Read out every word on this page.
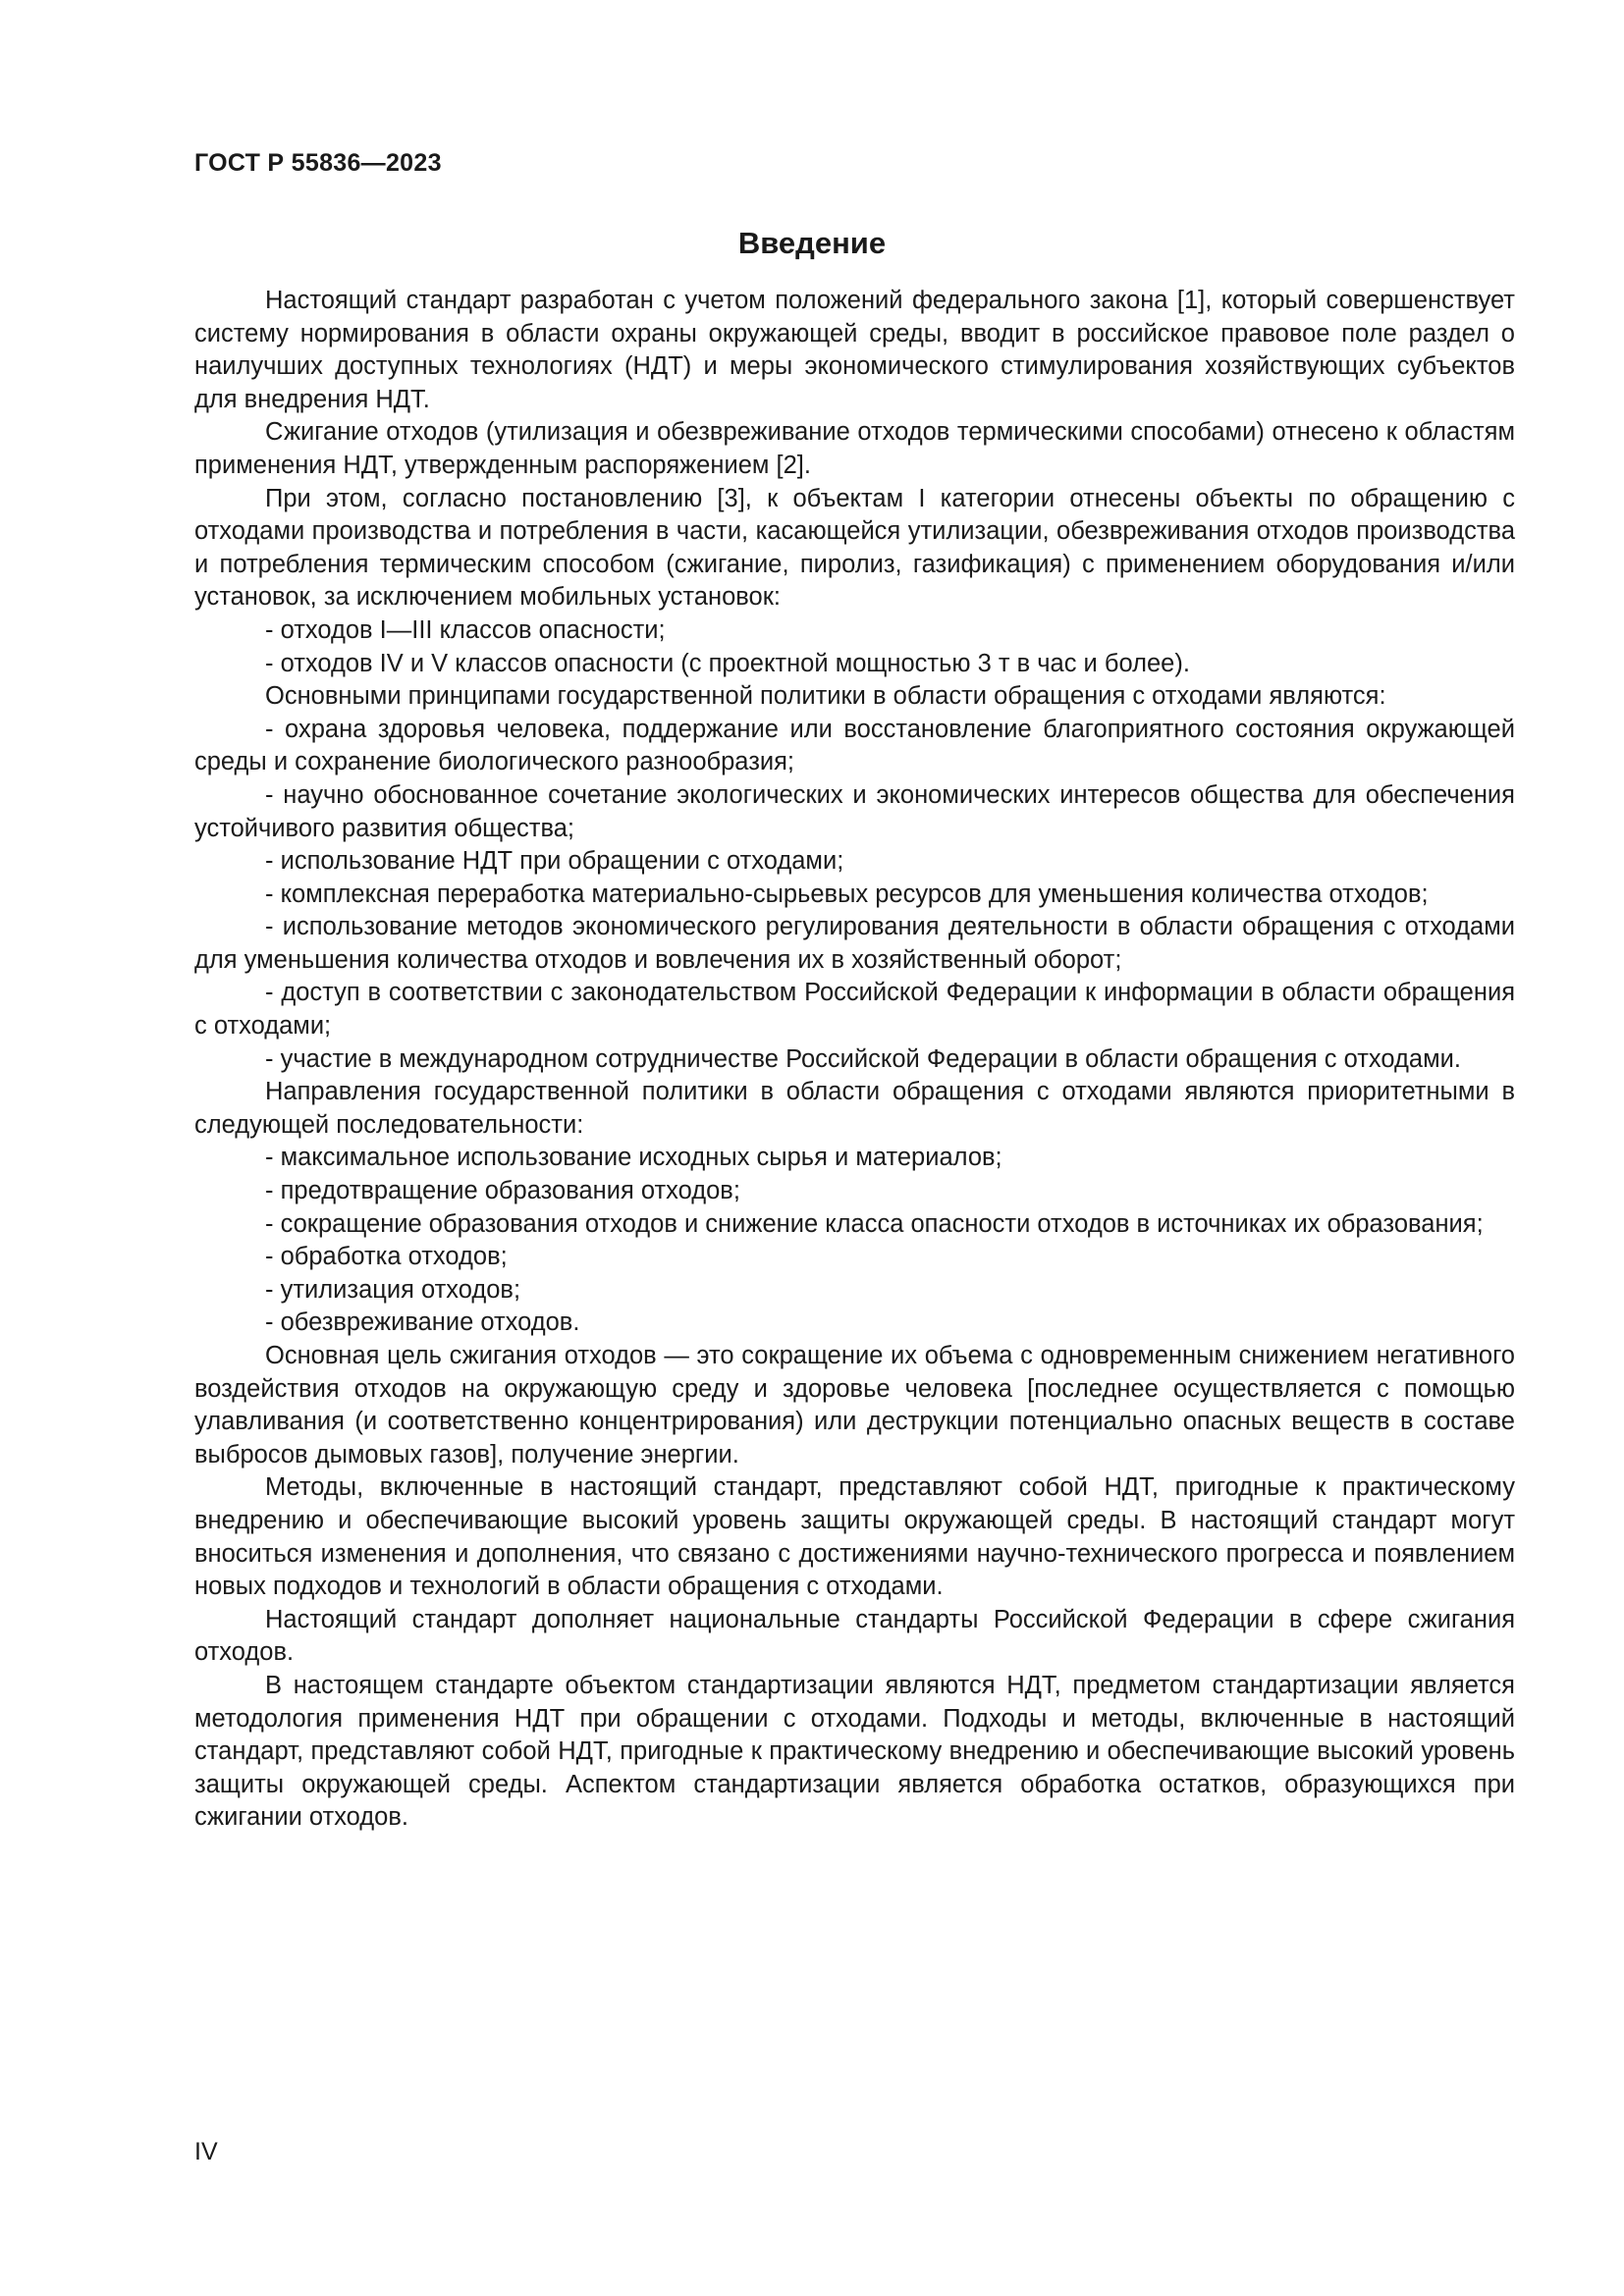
ГОСТ Р 55836—2023
Введение

Настоящий стандарт разработан с учетом положений федерального закона [1], который совершенствует систему нормирования в области охраны окружающей среды, вводит в российское правовое поле раздел о наилучших доступных технологиях (НДТ) и меры экономического стимулирования хозяйствующих субъектов для внедрения НДТ.

Сжигание отходов (утилизация и обезвреживание отходов термическими способами) отнесено к областям применения НДТ, утвержденным распоряжением [2].

При этом, согласно постановлению [3], к объектам I категории отнесены объекты по обращению с отходами производства и потребления в части, касающейся утилизации, обезвреживания отходов производства и потребления термическим способом (сжигание, пиролиз, газификация) с применением оборудования и/или установок, за исключением мобильных установок:

- отходов I—III классов опасности;

- отходов IV и V классов опасности (с проектной мощностью 3 т в час и более).

Основными принципами государственной политики в области обращения с отходами являются:

- охрана здоровья человека, поддержание или восстановление благоприятного состояния окружающей среды и сохранение биологического разнообразия;

- научно обоснованное сочетание экологических и экономических интересов общества для обеспечения устойчивого развития общества;

- использование НДТ при обращении с отходами;

- комплексная переработка материально-сырьевых ресурсов для уменьшения количества отходов;

- использование методов экономического регулирования деятельности в области обращения с отходами для уменьшения количества отходов и вовлечения их в хозяйственный оборот;

- доступ в соответствии с законодательством Российской Федерации к информации в области обращения с отходами;

- участие в международном сотрудничестве Российской Федерации в области обращения с отходами.

Направления государственной политики в области обращения с отходами являются приоритетными в следующей последовательности:

- максимальное использование исходных сырья и материалов;

- предотвращение образования отходов;

- сокращение образования отходов и снижение класса опасности отходов в источниках их образования;

- обработка отходов;

- утилизация отходов;

- обезвреживание отходов.

Основная цель сжигания отходов — это сокращение их объема с одновременным снижением негативного воздействия отходов на окружающую среду и здоровье человека [последнее осуществляется с помощью улавливания (и соответственно концентрирования) или деструкции потенциально опасных веществ в составе выбросов дымовых газов], получение энергии.

Методы, включенные в настоящий стандарт, представляют собой НДТ, пригодные к практическому внедрению и обеспечивающие высокий уровень защиты окружающей среды. В настоящий стандарт могут вноситься изменения и дополнения, что связано с достижениями научно-технического прогресса и появлением новых подходов и технологий в области обращения с отходами.

Настоящий стандарт дополняет национальные стандарты Российской Федерации в сфере сжигания отходов.

В настоящем стандарте объектом стандартизации являются НДТ, предметом стандартизации является методология применения НДТ при обращении с отходами. Подходы и методы, включенные в настоящий стандарт, представляют собой НДТ, пригодные к практическому внедрению и обеспечивающие высокий уровень защиты окружающей среды. Аспектом стандартизации является обработка остатков, образующихся при сжигании отходов.

IV
